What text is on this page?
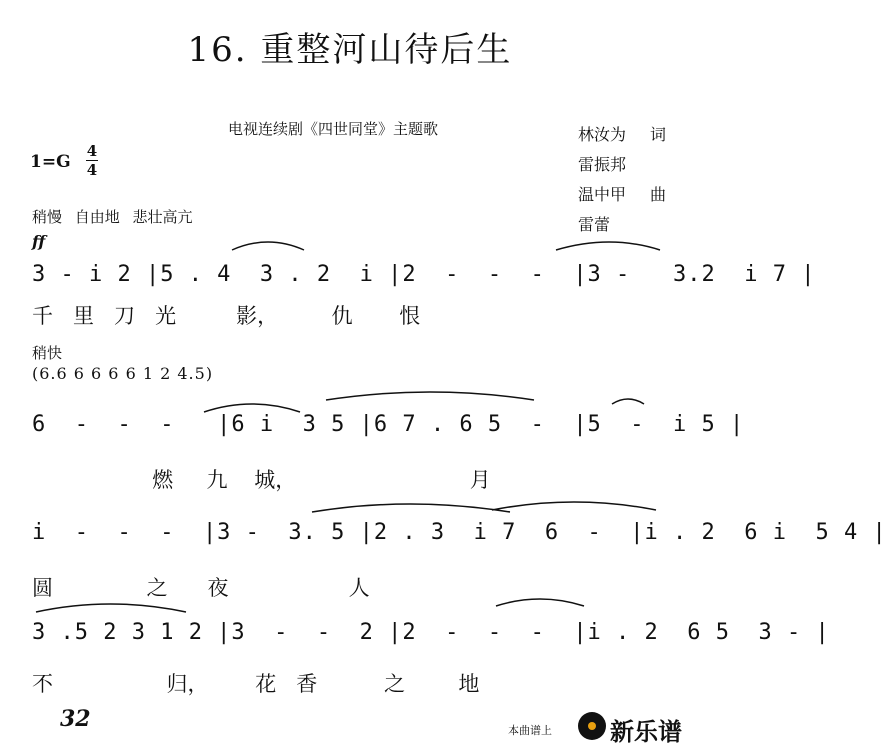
16. 重整河山待后生
电视连续剧《四世同堂》主题歌	林汝为 词
雷振邦
温中甲 曲
雷蕾
1=G
4
4
稍慢 自由地 悲壮高亢
ff
3 - i 2 |5 . 4  3 . 2  i |2  -  -  -  |3 -   3.2  i 7 |
千   里   刀   光         影，        仇       恨
稍快
(6.6 6 6 6 6 1 2 4.5)
6  -  -  -   |6 i  3 5 |6 7 . 6 5  -  |5  -  i 5 |
燃     九    城，                          月
i  -  -  -  |3 -  3. 5 |2 . 3  i 7  6  -  |i . 2  6 i  5 4 |
圆              之      夜                  人
3 .5 2 3 1 2 |3  -  -  2 |2  -  -  -  |i . 2  6 5  3 - |
不                 归，       花   香          之        地
32	本曲谱上 新乐谱
